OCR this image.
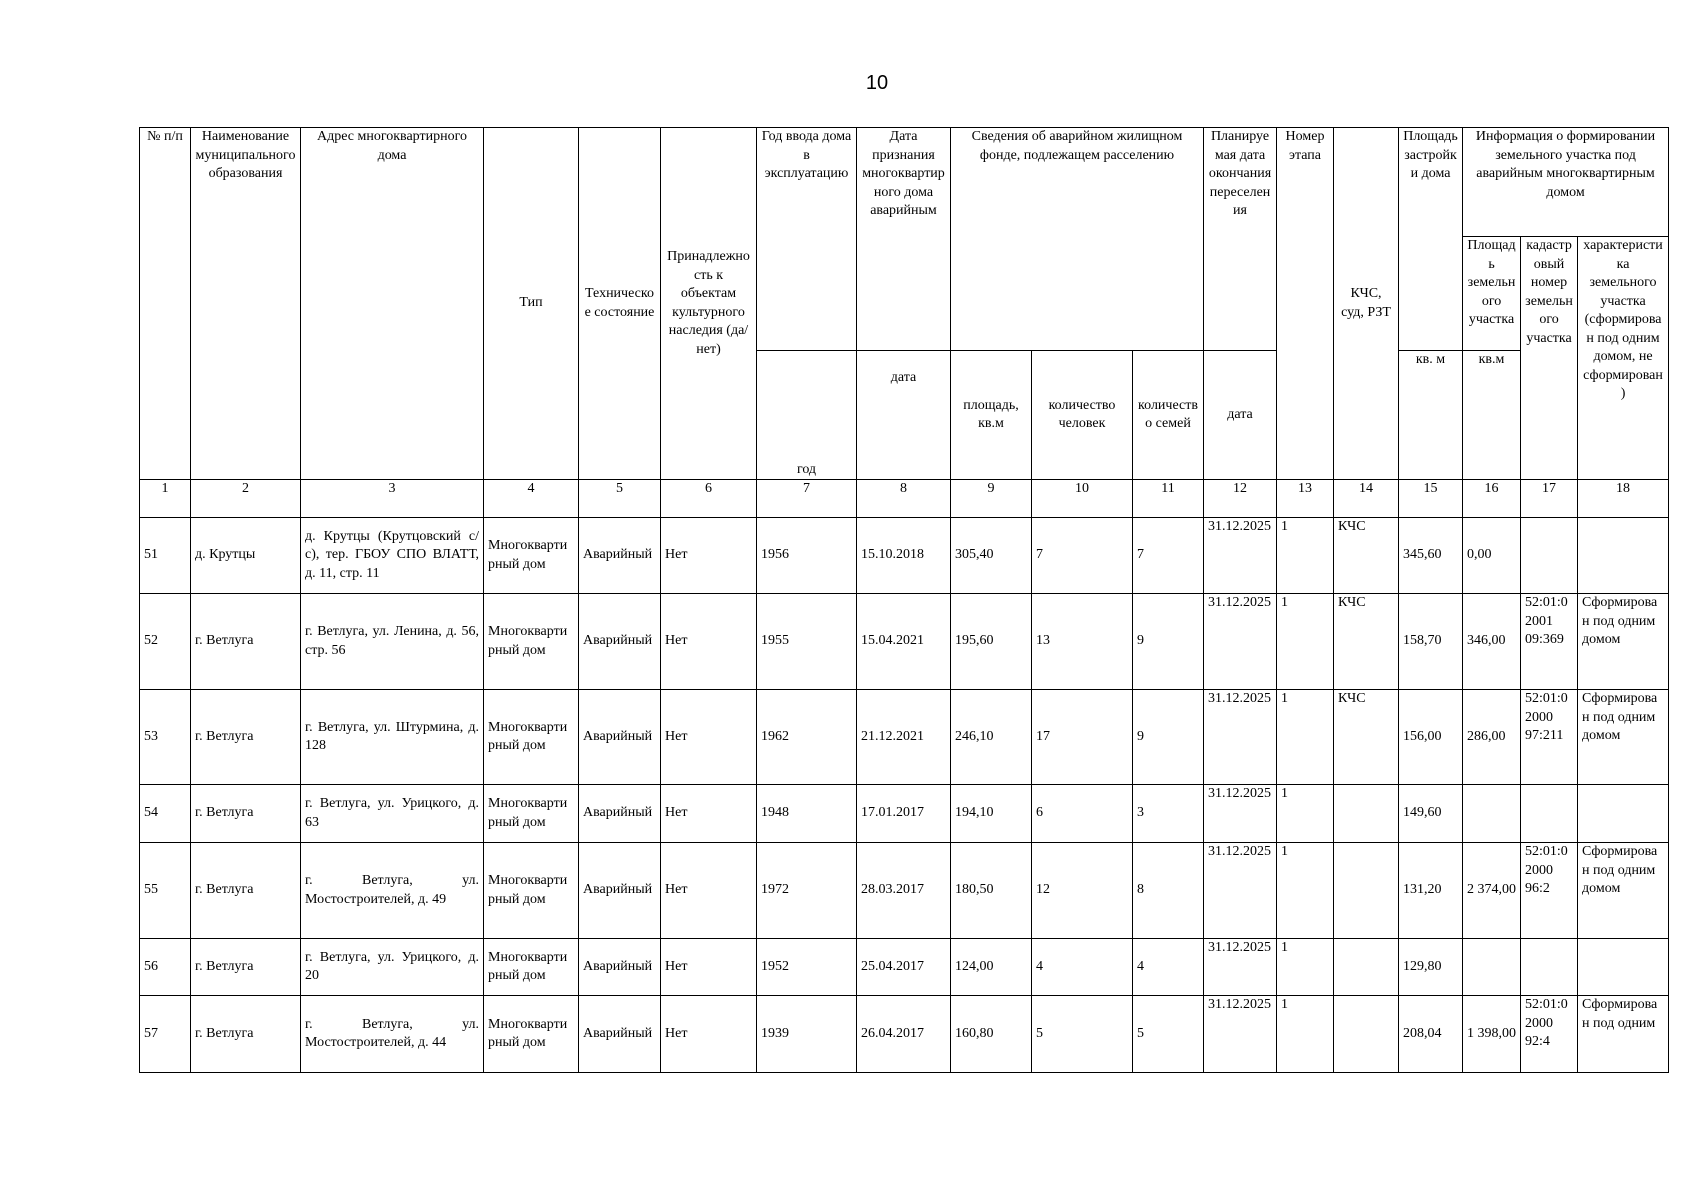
10
№ п/п	Наименование муниципального образования	Адрес многоквартирного дома	Тип	Техническое состояние	Принадлежность к объектам культурного наследия (да/нет)	Год ввода дома в эксплуатацию	Дата признания многоквартирного дома аварийным	Сведения об аварийном жилищном фонде, подлежащем расселению			Планируемая дата окончания переселения	Номер этапа	КЧС, суд, РЗТ	Площадь застройки дома	Информация о формировании земельного участка под аварийным многоквартирным домом		
															Площадь земельного участка	кадастровый номер земельного участка	характеристика земельного участка (сформирован под одним домом, не сформирован)
						год	дата	площадь, кв.м	количество человек	количество семей	дата			кв. м	кв.м		
1	2	3	4	5	6	7	8	9	10	11	12	13	14	15	16	17	18
51	д. Крутцы	д. Крутцы (Крутцовский с/с), тер. ГБОУ СПО ВЛАТТ, д. 11, стр. 11	Многоквартирный дом	Аварийный	Нет	1956	15.10.2018	305,40	7	7	31.12.2025	1	КЧС	345,60	0,00		
52	г. Ветлуга	г. Ветлуга, ул. Ленина, д. 56, стр. 56	Многоквартирный дом	Аварийный	Нет	1955	15.04.2021	195,60	13	9	31.12.2025	1	КЧС	158,70	346,00	52:01:02001 09:369	Сформирован под одним домом
53	г. Ветлуга	г. Ветлуга, ул. Штурмина, д. 128	Многоквартирный дом	Аварийный	Нет	1962	21.12.2021	246,10	17	9	31.12.2025	1	КЧС	156,00	286,00	52:01:02000 97:211	Сформирован под одним домом
54	г. Ветлуга	г. Ветлуга, ул. Урицкого, д. 63	Многоквартирный дом	Аварийный	Нет	1948	17.01.2017	194,10	6	3	31.12.2025	1		149,60			
55	г. Ветлуга	г. Ветлуга, ул. Мостостроителей, д. 49	Многоквартирный дом	Аварийный	Нет	1972	28.03.2017	180,50	12	8	31.12.2025	1		131,20	2 374,00	52:01:02000 96:2	Сформирован под одним домом
56	г. Ветлуга	г. Ветлуга, ул. Урицкого, д. 20	Многоквартирный дом	Аварийный	Нет	1952	25.04.2017	124,00	4	4	31.12.2025	1		129,80			
57	г. Ветлуга	г. Ветлуга, ул. Мостостроителей, д. 44	Многоквартирный дом	Аварийный	Нет	1939	26.04.2017	160,80	5	5	31.12.2025	1		208,04	1 398,00	52:01:02000 92:4	Сформирован под одним
